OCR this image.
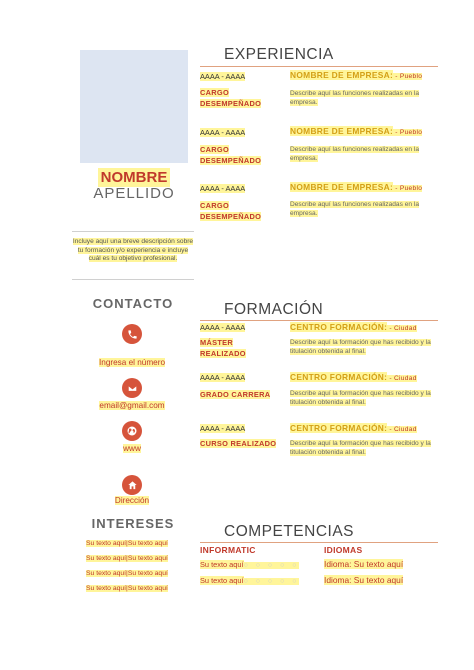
NOMBRE
APELLIDO
Incluye aquí una breve descripción sobre tu formación y/o experiencia e incluye cuál es tu objetivo profesional.
CONTACTO
Ingresa el número
email@gmail.com
www
Dirección
INTERESES
Su texto aquí|Su texto aquí
Su texto aquí|Su texto aquí
Su texto aquí|Su texto aquí
Su texto aquí|Su texto aquí
EXPERIENCIA
AAAA - AAAA
CARGO
DESEMPEÑADO
NOMBRE DE EMPRESA: - Pueblo
Describe aquí las funciones realizadas en la empresa.
AAAA - AAAA
CARGO
DESEMPEÑADO
NOMBRE DE EMPRESA: - Pueblo
Describe aquí las funciones realizadas en la empresa.
AAAA - AAAA
CARGO
DESEMPEÑADO
NOMBRE DE EMPRESA: - Pueblo
Describe aquí las funciones realizadas en la empresa.
FORMACIÓN
AAAA - AAAA
MÁSTER
REALIZADO
CENTRO FORMACIÓN: - Ciudad
Describe aquí la formación que has recibido y la titulación obtenida al final.
AAAA - AAAA
GRADO CARRERA
CENTRO FORMACIÓN: - Ciudad
Describe aquí la formación que has recibido y la titulación obtenida al final.
AAAA - AAAA
CURSO REALIZADO
CENTRO FORMACIÓN: - Ciudad
Describe aquí la formación que has recibido y la titulación obtenida al final.
COMPETENCIAS
INFORMATIC	IDIOMAS
Su texto aquí○ ○ ○ ○ ○
Su texto aquí○ ○ ○ ○ ○
Idioma: Su texto aquí
Idioma: Su texto aquí
